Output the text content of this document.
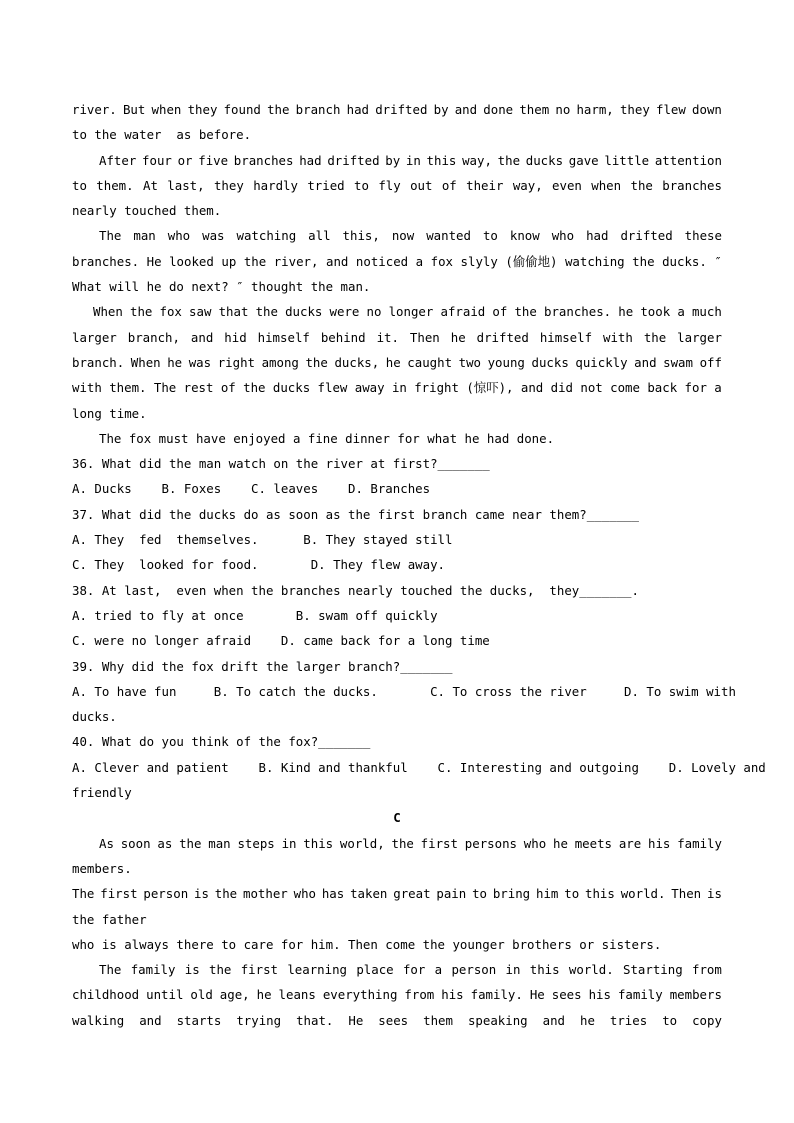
river. But when they found the branch had drifted by and done them no harm, they flew down
to the water  as before.
After four or five branches had drifted by in this way, the ducks gave little attention
to them. At last, they hardly tried to fly out of their way, even when the branches
nearly touched them.
The man who was watching all this, now wanted to know who had drifted these
branches. He looked up the river, and noticed a fox slyly (偷偷地) watching the ducks. ″
What will he do next? ″ thought the man.
When the fox saw that the ducks were no longer afraid of the branches. he took a much
larger branch, and hid himself behind it. Then he drifted himself with the larger
branch. When he was right among the ducks, he caught two young ducks quickly and swam off
with them. The rest of the ducks flew away in fright (惊吓), and did not come back for a
long time.
The fox must have enjoyed a fine dinner for what he had done.
36. What did the man watch on the river at first?_______
A. Ducks    B. Foxes    C. leaves    D. Branches
37. What did the ducks do as soon as the first branch came near them?_______
A. They  fed  themselves.      B. They stayed still
C. They  looked for food.       D. They flew away.
38. At last,  even when the branches nearly touched the ducks,  they_______.
A. tried to fly at once       B. swam off quickly
C. were no longer afraid    D. came back for a long time
39. Why did the fox drift the larger branch?_______
A. To have fun     B. To catch the ducks.       C. To cross the river     D. To swim with
ducks.
40. What do you think of the fox?_______
A. Clever and patient    B. Kind and thankful    C. Interesting and outgoing    D. Lovely and
friendly
C
As soon as the man steps in this world, the first persons who he meets are his family
members.
The first person is the mother who has taken great pain to bring him to this world. Then is
the father
who is always there to care for him. Then come the younger brothers or sisters.
The family is the first learning place for a person in this world. Starting from
childhood until old age, he leans everything from his family. He sees his family members
walking and starts trying that. He sees them speaking and he tries to copy
